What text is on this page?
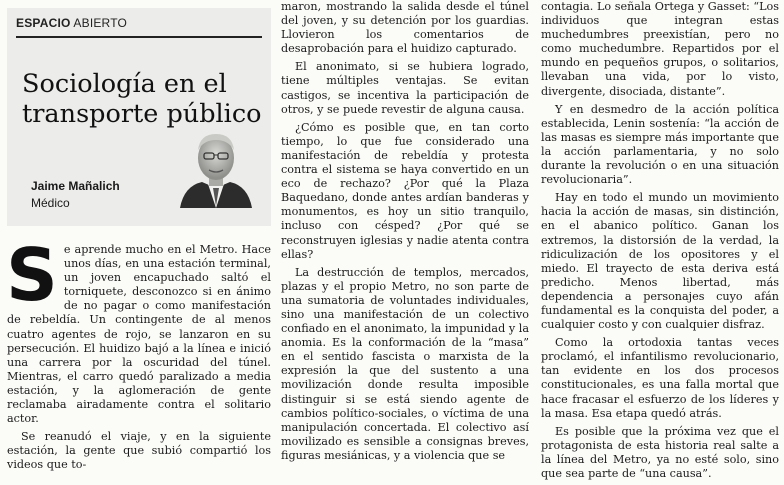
ESPACIO ABIERTO
Sociología en el transporte público
Jaime Mañalich
Médico

Se aprende mucho en el Metro. Hace unos días, en una estación terminal, un joven encapuchado saltó el torniquete, desconozco si en ánimo de no pagar o como manifestación de rebeldía. Un contingente de al menos cuatro agentes de rojo, se lanzaron en su persecución. El huidizo bajó a la línea e inició una carrera por la oscuridad del túnel. Mientras, el carro quedó paralizado a media estación, y la aglomeración de gente reclamaba airadamente contra el solitario actor.

Se reanudó el viaje, y en la siguiente estación, la gente que subió compartió los videos que to-

maron, mostrando la salida desde el túnel del joven, y su detención por los guardias. Llovieron los comentarios de desaprobación para el huidizo capturado.

El anonimato, si se hubiera logrado, tiene múltiples ventajas. Se evitan castigos, se incentiva la participación de otros, y se puede revestir de alguna causa.

¿Cómo es posible que, en tan corto tiempo, lo que fue considerado una manifestación de rebeldía y protesta contra el sistema se haya convertido en un eco de rechazo? ¿Por qué la Plaza Baquedano, donde antes ardían banderas y monumentos, es hoy un sitio tranquilo, incluso con césped? ¿Por qué se reconstruyen iglesias y nadie atenta contra ellas?

La destrucción de templos, mercados, plazas y el propio Metro, no son parte de una sumatoria de voluntades individuales, sino una manifestación de un colectivo confiado en el anonimato, la impunidad y la anomia. Es la conformación de la “masa” en el sentido fascista o marxista de la expresión la que del sustento a una movilización donde resulta imposible distinguir si se está siendo agente de cambios político-sociales, o víctima de una manipulación concertada. El colectivo así movilizado es sensible a consignas breves, figuras mesiánicas, y a violencia que se

contagia. Lo señala Ortega y Gasset: “Los individuos que integran estas muchedumbres preexistían, pero no como muchedumbre. Repartidos por el mundo en pequeños grupos, o solitarios, llevaban una vida, por lo visto, divergente, disociada, distante”.

Y en desmedro de la acción política establecida, Lenin sostenía: “la acción de las masas es siempre más importante que la acción parlamentaria, y no solo durante la revolución o en una situación revolucionaria”.

Hay en todo el mundo un movimiento hacia la acción de masas, sin distinción, en el abanico político. Ganan los extremos, la distorsión de la verdad, la ridiculización de los opositores y el miedo. El trayecto de esta deriva está predicho. Menos libertad, más dependencia a personajes cuyo afán fundamental es la conquista del poder, a cualquier costo y con cualquier disfraz.

Como la ortodoxia tantas veces proclamó, el infantilismo revolucionario, tan evidente en los dos procesos constitucionales, es una falla mortal que hace fracasar el esfuerzo de los líderes y la masa. Esa etapa quedó atrás.

Es posible que la próxima vez que el protagonista de esta historia real salte a la línea del Metro, ya no esté solo, sino que sea parte de “una causa”.
